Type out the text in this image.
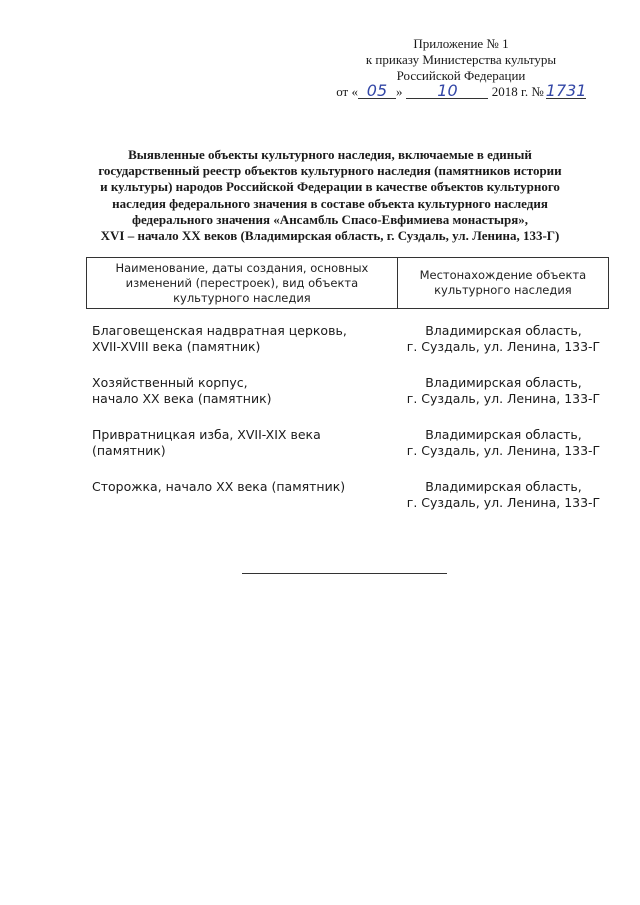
Приложение № 1
к приказу Министерства культуры
Российской Федерации
от « 05 » 10	2018 г. № 1731
Выявленные объекты культурного наследия, включаемые в единый
государственный реестр объектов культурного наследия (памятников истории
и культуры) народов Российской Федерации в качестве объектов культурного
наследия федерального значения в составе объекта культурного наследия
федерального значения «Ансамбль Спасо-Евфимиева монастыря»,
XVI – начало XX веков (Владимирская область, г. Суздаль, ул. Ленина, 133-Г)
Наименование, даты создания, основных изменений (перестроек), вид объекта культурного наследия
Местонахождение объекта культурного наследия
Благовещенская надвратная церковь,
XVII-XVIII века (памятник)
Владимирская область,
г. Суздаль, ул. Ленина, 133-Г
Хозяйственный корпус,
начало XX века (памятник)
Владимирская область,
г. Суздаль, ул. Ленина, 133-Г
Привратницкая изба, XVII-XIX века
(памятник)
Владимирская область,
г. Суздаль, ул. Ленина, 133-Г
Сторожка, начало XX века (памятник)	Владимирская область,
г. Суздаль, ул. Ленина, 133-Г
